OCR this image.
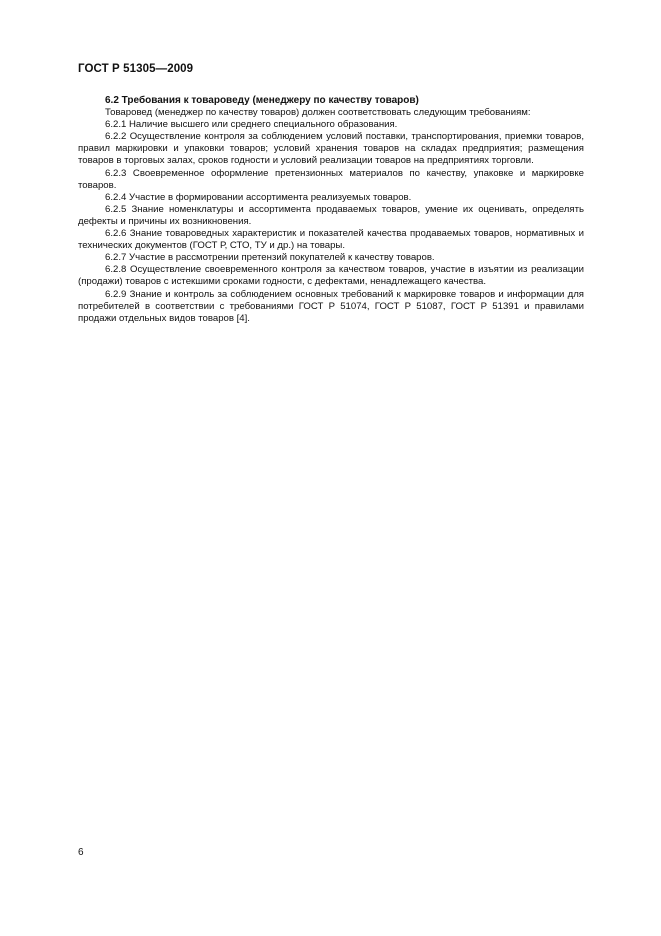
ГОСТ Р 51305—2009

6.2 Требования к товароведу (менеджеру по качеству товаров)

Товаровед (менеджер по качеству товаров) должен соответствовать следующим требованиям:

6.2.1 Наличие высшего или среднего специального образования.

6.2.2 Осуществление контроля за соблюдением условий поставки, транспортирования, приемки товаров, правил маркировки и упаковки товаров; условий хранения товаров на складах предприятия; размещения товаров в торговых залах, сроков годности и условий реализации товаров на предприятиях торговли.

6.2.3 Своевременное оформление претензионных материалов по качеству, упаковке и маркировке товаров.

6.2.4 Участие в формировании ассортимента реализуемых товаров.

6.2.5 Знание номенклатуры и ассортимента продаваемых товаров, умение их оценивать, определять дефекты и причины их возникновения.

6.2.6 Знание товароведных характеристик и показателей качества продаваемых товаров, нормативных и технических документов (ГОСТ Р, СТО, ТУ и др.) на товары.

6.2.7 Участие в рассмотрении претензий покупателей к качеству товаров.

6.2.8 Осуществление своевременного контроля за качеством товаров, участие в изъятии из реализации (продажи) товаров с истекшими сроками годности, с дефектами, ненадлежащего качества.

6.2.9 Знание и контроль за соблюдением основных требований к маркировке товаров и информации для потребителей в соответствии с требованиями ГОСТ Р 51074, ГОСТ Р 51087, ГОСТ Р 51391 и правилами продажи отдельных видов товаров [4].

6
